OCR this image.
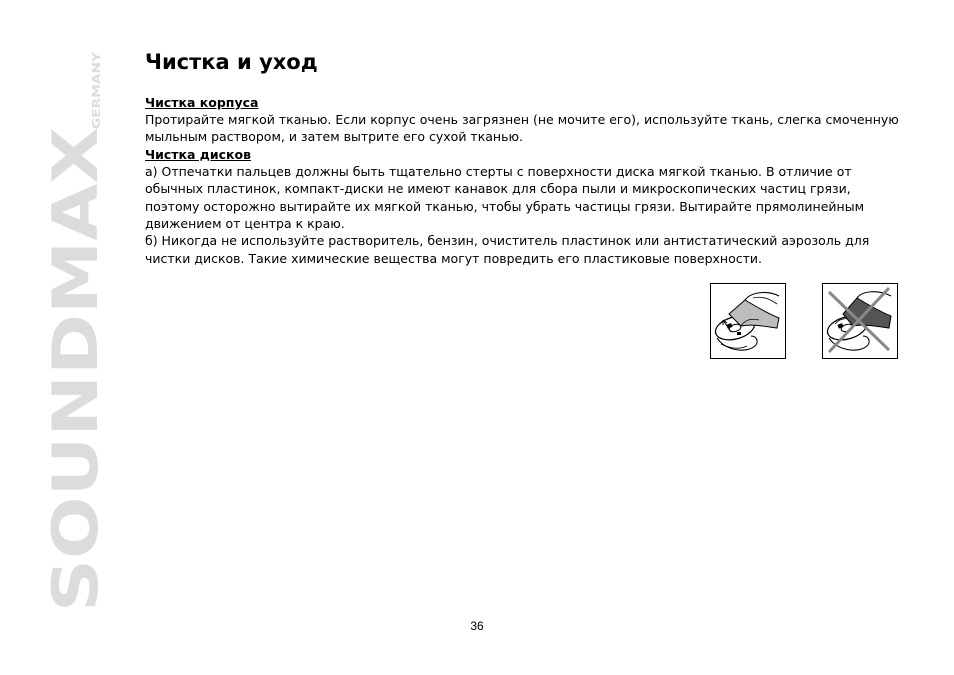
SOUNDMAX
GERMANY
Чистка и уход

Чистка корпуса

Протирайте мягкой тканью. Если корпус очень загрязнен (не мочите его), используйте ткань, слегка смоченную мыльным раствором, и затем вытрите его сухой тканью.

Чистка дисков

а) Отпечатки пальцев должны быть тщательно стерты с поверхности диска мягкой тканью. В отличие от обычных пластинок, компакт-диски не имеют канавок для сбора пыли и микроскопических частиц грязи, поэтому осторожно вытирайте их мягкой тканью, чтобы убрать частицы грязи. Вытирайте прямолинейным движением от центра к краю.

б) Никогда не используйте растворитель, бензин, очиститель пластинок или антистатический аэрозоль для чистки дисков. Такие химические вещества могут повредить его пластиковые поверхности.

36
